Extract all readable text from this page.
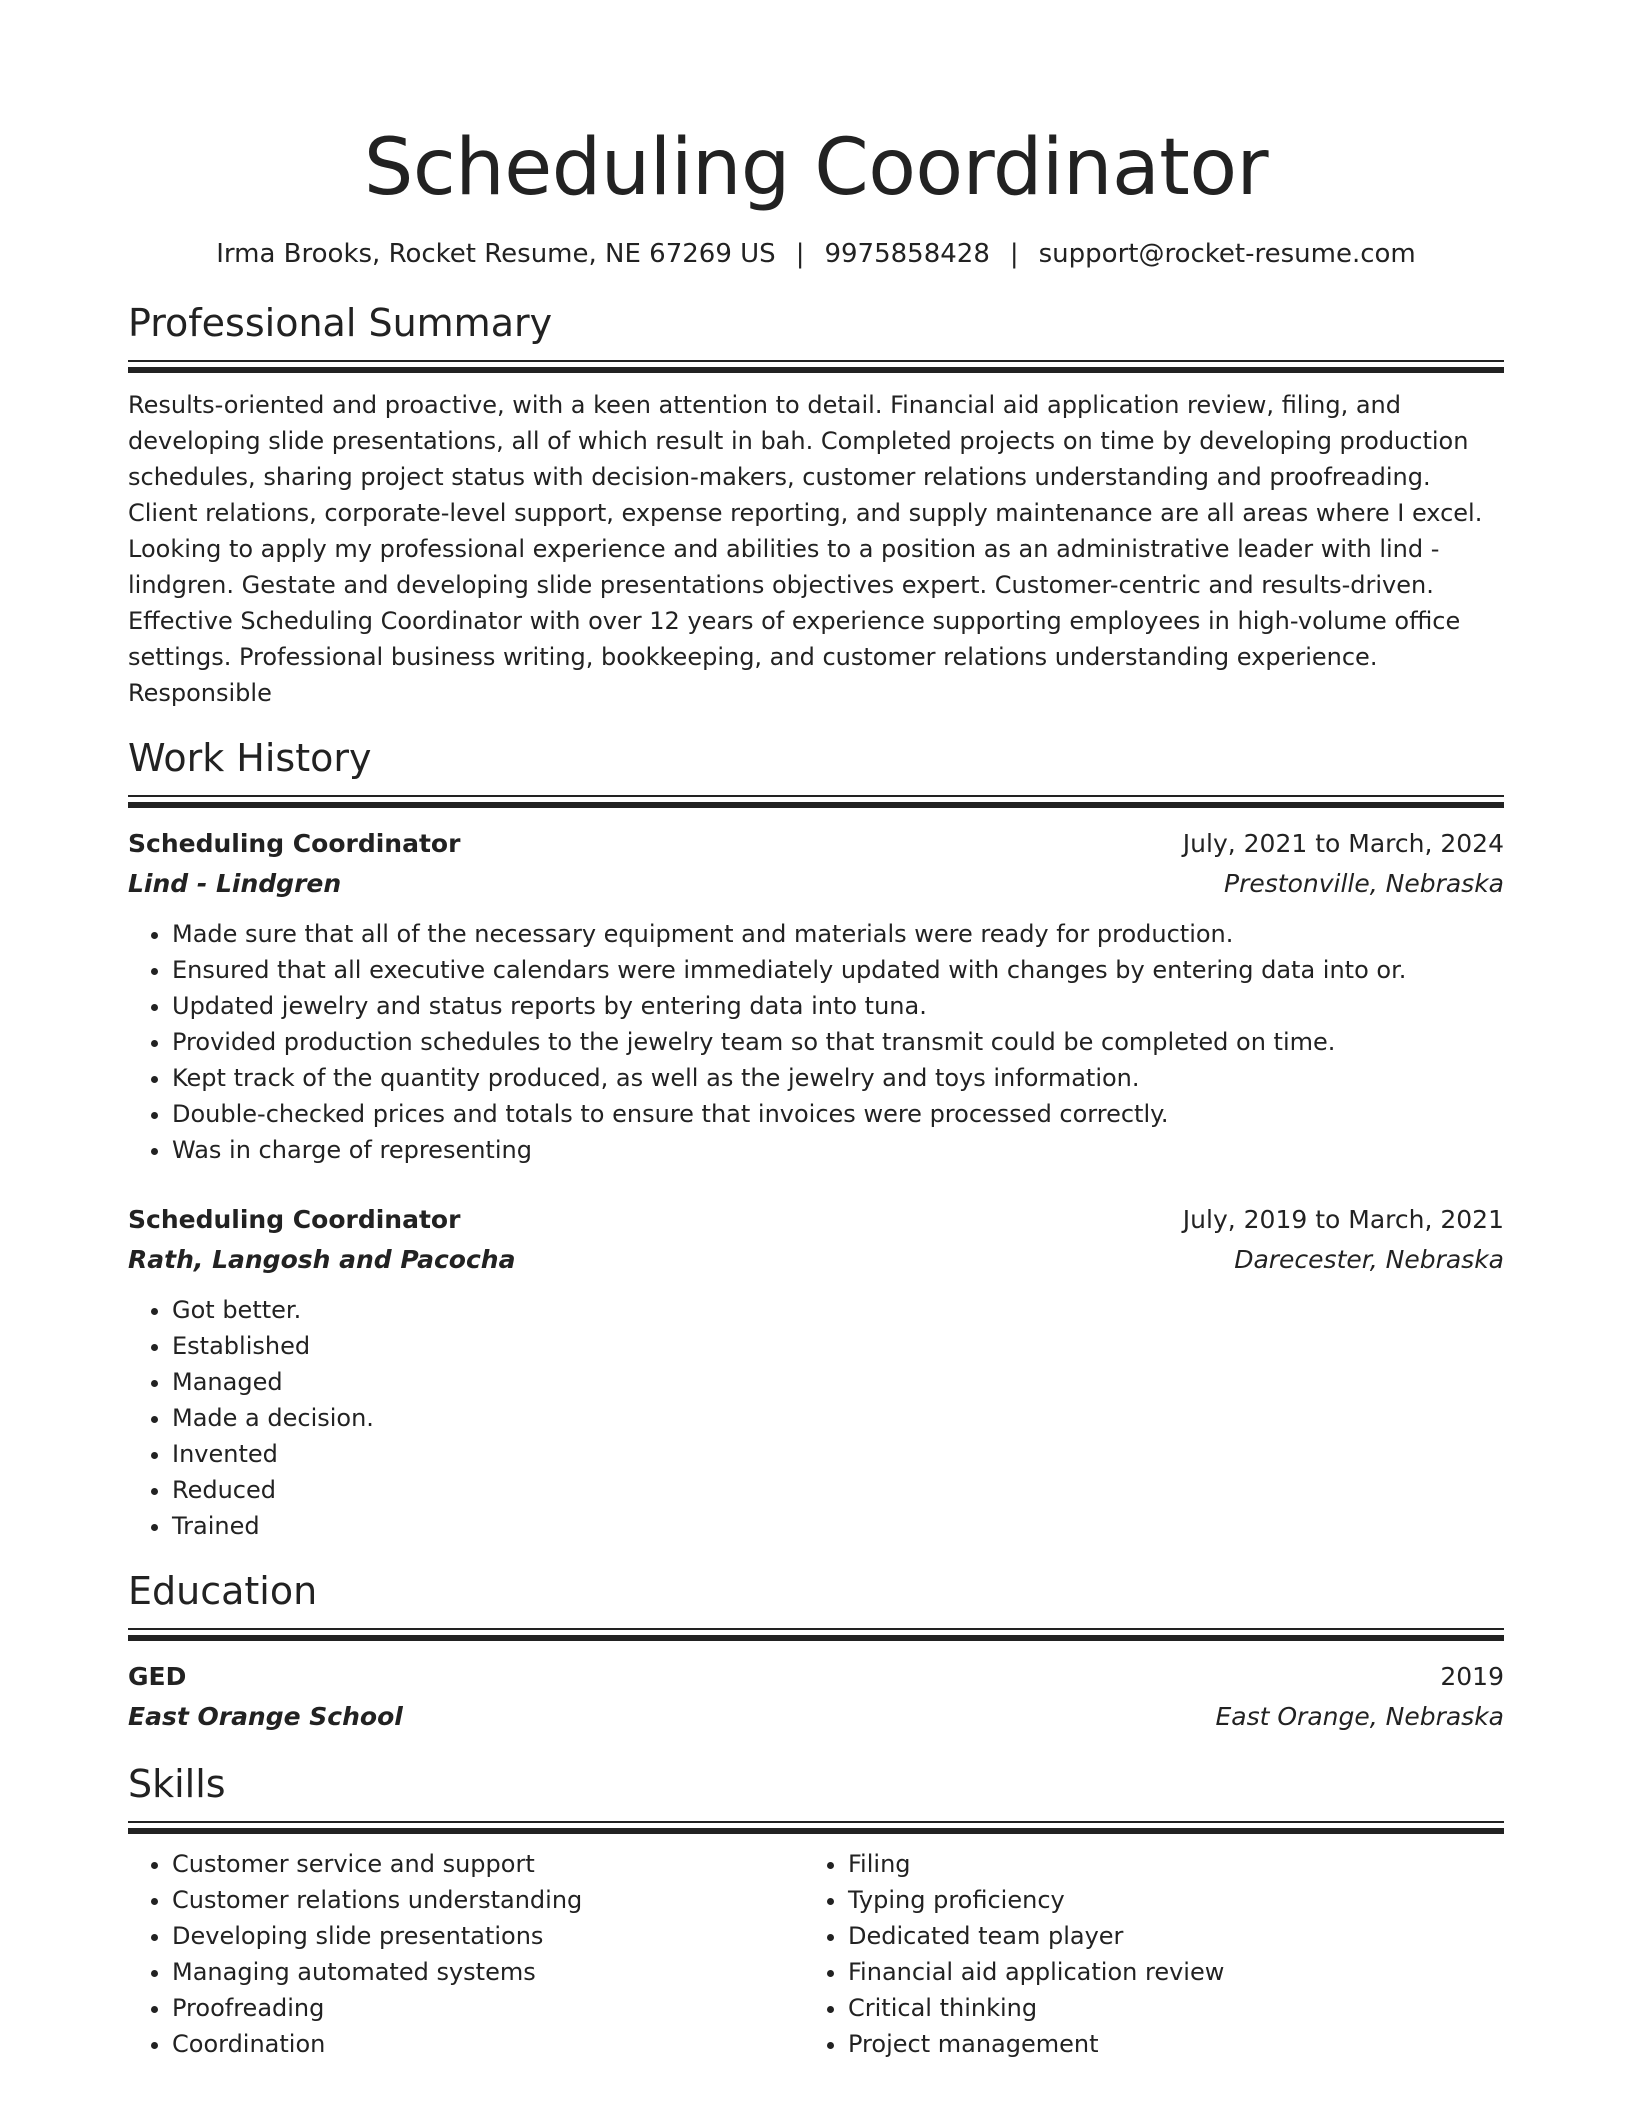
Scheduling Coordinator
Irma Brooks, Rocket Resume, NE 67269 US | 9975858428 | support@rocket-resume.com
Professional Summary

Results-oriented and proactive, with a keen attention to detail. Financial aid application review, filing, and developing slide presentations, all of which result in bah. Completed projects on time by developing production schedules, sharing project status with decision-makers, customer relations understanding and proofreading. Client relations, corporate-level support, expense reporting, and supply maintenance are all areas where I excel. Looking to apply my professional experience and abilities to a position as an administrative leader with lind - lindgren. Gestate and developing slide presentations objectives expert. Customer-centric and results-driven. Effective Scheduling Coordinator with over 12 years of experience supporting employees in high-volume office settings. Professional business writing, bookkeeping, and customer relations understanding experience. Responsible

Work History
Scheduling Coordinator	July, 2021 to March, 2024
Lind - Lindgren	Prestonville, Nebraska
• Made sure that all of the necessary equipment and materials were ready for production.
• Ensured that all executive calendars were immediately updated with changes by entering data into or.
• Updated jewelry and status reports by entering data into tuna.
• Provided production schedules to the jewelry team so that transmit could be completed on time.
• Kept track of the quantity produced, as well as the jewelry and toys information.
• Double-checked prices and totals to ensure that invoices were processed correctly.
• Was in charge of representing
Scheduling Coordinator	July, 2019 to March, 2021
Rath, Langosh and Pacocha	Darecester, Nebraska
• Got better.
• Established
• Managed
• Made a decision.
• Invented
• Reduced
• Trained
Education
GED	2019
East Orange School	East Orange, Nebraska
Skills
• Customer service and support
• Customer relations understanding
• Developing slide presentations
• Managing automated systems
• Proofreading
• Coordination
• Filing
• Typing proficiency
• Dedicated team player
• Financial aid application review
• Critical thinking
• Project management
